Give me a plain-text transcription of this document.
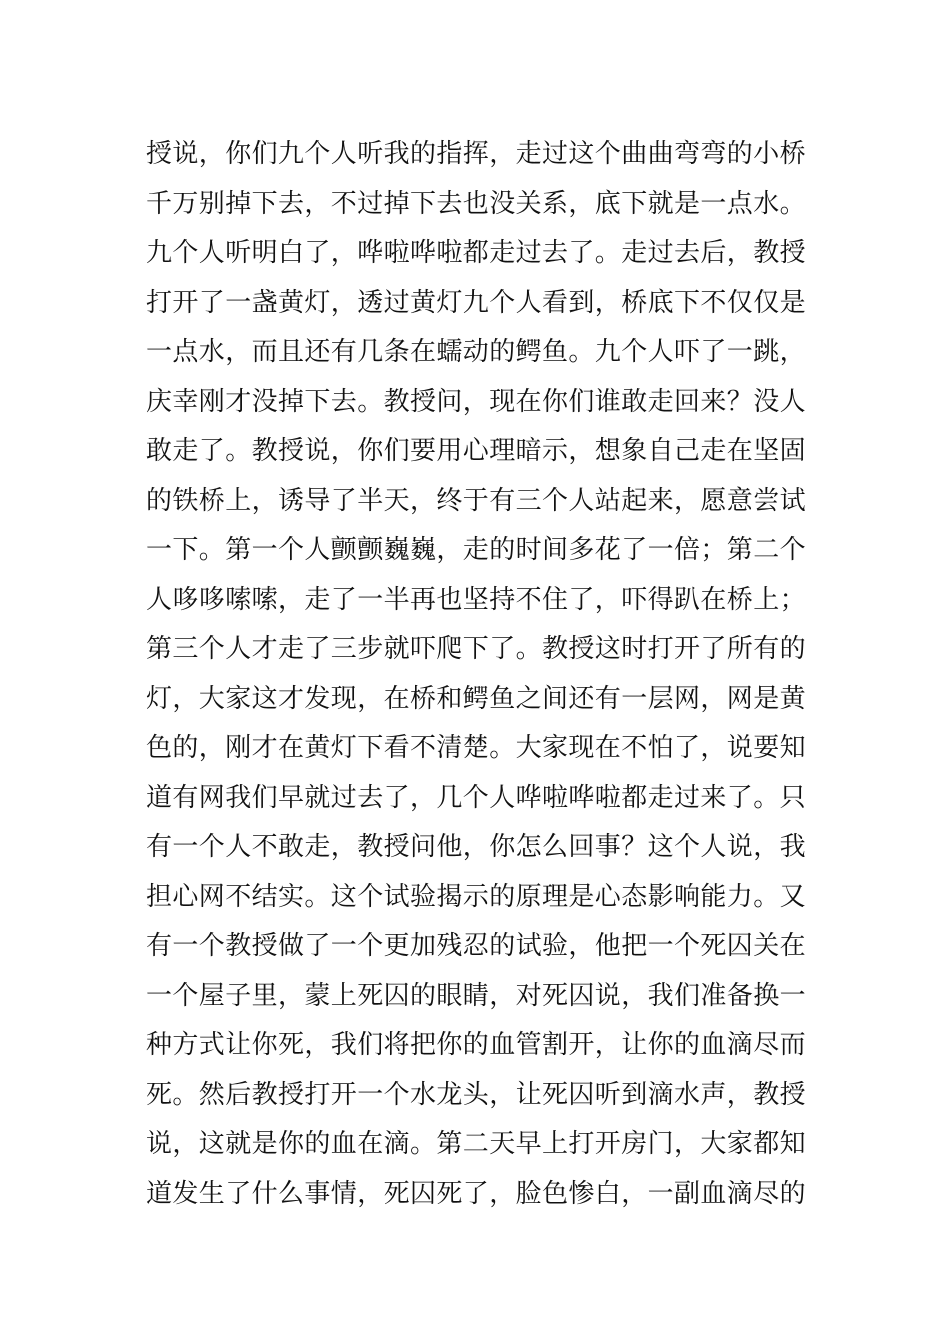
授说，你们九个人听我的指挥，走过这个曲曲弯弯的小桥
千万别掉下去，不过掉下去也没关系，底下就是一点水。
九个人听明白了，哗啦哗啦都走过去了。走过去后，教授
打开了一盏黄灯，透过黄灯九个人看到，桥底下不仅仅是
一点水，而且还有几条在蠕动的鳄鱼。九个人吓了一跳，
庆幸刚才没掉下去。教授问，现在你们谁敢走回来？没人
敢走了。教授说，你们要用心理暗示，想象自己走在坚固
的铁桥上，诱导了半天，终于有三个人站起来，愿意尝试
一下。第一个人颤颤巍巍，走的时间多花了一倍；第二个
人哆哆嗦嗦，走了一半再也坚持不住了，吓得趴在桥上；
第三个人才走了三步就吓爬下了。教授这时打开了所有的
灯，大家这才发现，在桥和鳄鱼之间还有一层网，网是黄
色的，刚才在黄灯下看不清楚。大家现在不怕了，说要知
道有网我们早就过去了，几个人哗啦哗啦都走过来了。只
有一个人不敢走，教授问他，你怎么回事？这个人说，我
担心网不结实。这个试验揭示的原理是心态影响能力。又
有一个教授做了一个更加残忍的试验，他把一个死囚关在
一个屋子里，蒙上死囚的眼睛，对死囚说，我们准备换一
种方式让你死，我们将把你的血管割开，让你的血滴尽而
死。然后教授打开一个水龙头，让死囚听到滴水声，教授
说，这就是你的血在滴。第二天早上打开房门，大家都知
道发生了什么事情，死囚死了，脸色惨白，一副血滴尽的
